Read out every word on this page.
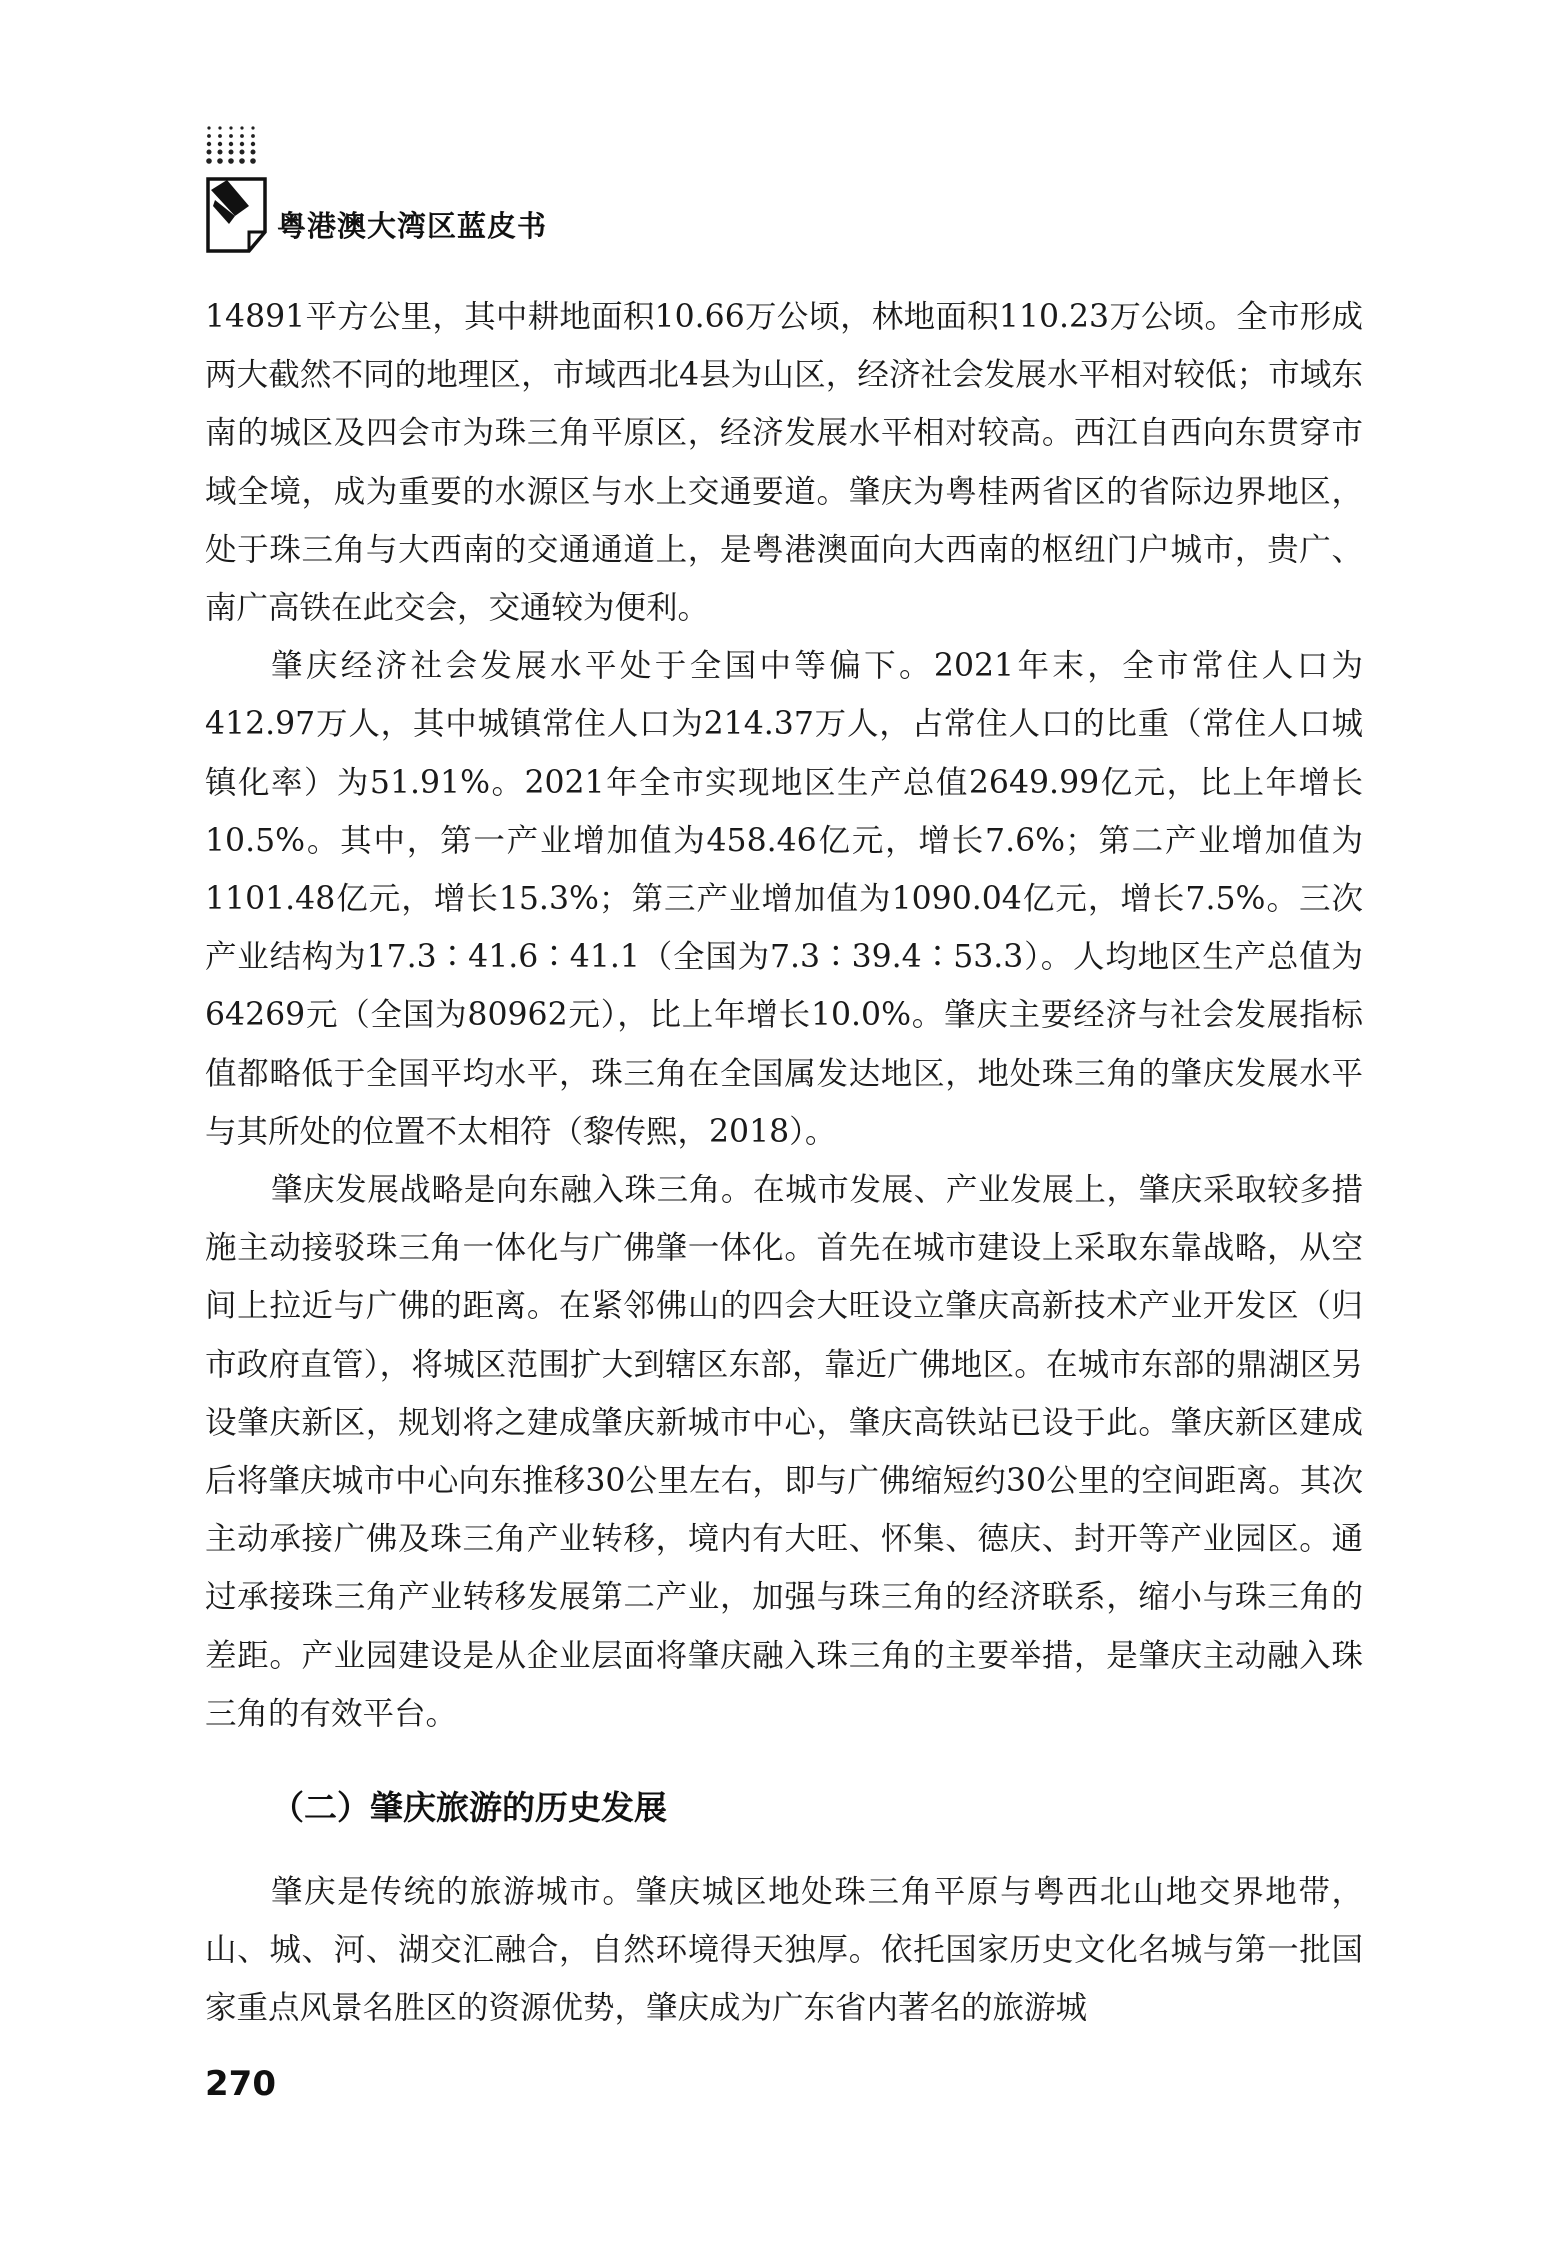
粤港澳大湾区蓝皮书

14891平方公里，其中耕地面积10.66万公顷，林地面积110.23万公顷。全市形成两大截然不同的地理区，市域西北4县为山区，经济社会发展水平相对较低；市域东南的城区及四会市为珠三角平原区，经济发展水平相对较高。西江自西向东贯穿市域全境，成为重要的水源区与水上交通要道。肇庆为粤桂两省区的省际边界地区，处于珠三角与大西南的交通通道上，是粤港澳面向大西南的枢纽门户城市，贵广、南广高铁在此交会，交通较为便利。

肇庆经济社会发展水平处于全国中等偏下。2021年末，全市常住人口为412.97万人，其中城镇常住人口为214.37万人，占常住人口的比重（常住人口城镇化率）为51.91%。2021年全市实现地区生产总值2649.99亿元，比上年增长10.5%。其中，第一产业增加值为458.46亿元，增长7.6%；第二产业增加值为1101.48亿元，增长15.3%；第三产业增加值为1090.04亿元，增长7.5%。三次产业结构为17.3∶41.6∶41.1（全国为7.3∶39.4∶53.3）。人均地区生产总值为64269元（全国为80962元），比上年增长10.0%。肇庆主要经济与社会发展指标值都略低于全国平均水平，珠三角在全国属发达地区，地处珠三角的肇庆发展水平与其所处的位置不太相符（黎传熙，2018）。

肇庆发展战略是向东融入珠三角。在城市发展、产业发展上，肇庆采取较多措施主动接驳珠三角一体化与广佛肇一体化。首先在城市建设上采取东靠战略，从空间上拉近与广佛的距离。在紧邻佛山的四会大旺设立肇庆高新技术产业开发区（归市政府直管），将城区范围扩大到辖区东部，靠近广佛地区。在城市东部的鼎湖区另设肇庆新区，规划将之建成肇庆新城市中心，肇庆高铁站已设于此。肇庆新区建成后将肇庆城市中心向东推移30公里左右，即与广佛缩短约30公里的空间距离。其次主动承接广佛及珠三角产业转移，境内有大旺、怀集、德庆、封开等产业园区。通过承接珠三角产业转移发展第二产业，加强与珠三角的经济联系，缩小与珠三角的差距。产业园建设是从企业层面将肇庆融入珠三角的主要举措，是肇庆主动融入珠三角的有效平台。

（二）肇庆旅游的历史发展

肇庆是传统的旅游城市。肇庆城区地处珠三角平原与粤西北山地交界地带，山、城、河、湖交汇融合，自然环境得天独厚。依托国家历史文化名城与第一批国家重点风景名胜区的资源优势，肇庆成为广东省内著名的旅游城

270
